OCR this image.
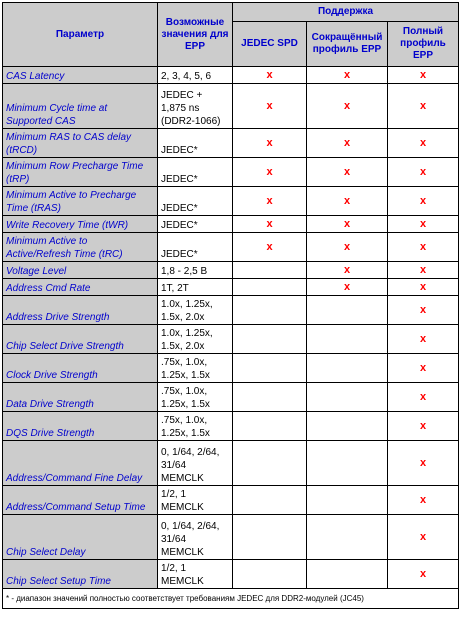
Параметр	Возможные значения для EPP	Поддержка		
		JEDEC SPD	Сокращённый профиль EPP	Полный профиль EPP
CAS Latency	2, 3, 4, 5, 6	x	x	x
Minimum Cycle time at Supported CAS	JEDEC + 1,875 ns (DDR2-1066)	x	x	x
Minimum RAS to CAS delay (tRCD)	JEDEC*	x	x	x
Minimum Row Precharge Time (tRP)	JEDEC*	x	x	x
Minimum Active to Precharge Time (tRAS)	JEDEC*	x	x	x
Write Recovery Time (tWR)	JEDEC*	x	x	x
Minimum Active to Active/Refresh Time (tRC)	JEDEC*	x	x	x
Voltage Level	1,8 - 2,5 В		x	x
Address Cmd Rate	1T, 2T		x	x
Address Drive Strength	1.0x, 1.25x, 1.5x, 2.0x			x
Chip Select Drive Strength	1.0x, 1.25x, 1.5x, 2.0x			x
Clock Drive Strength	.75x, 1.0x, 1.25x, 1.5x			x
Data Drive Strength	.75x, 1.0x, 1.25x, 1.5x			x
DQS Drive Strength	.75x, 1.0x, 1.25x, 1.5x			x
Address/Command Fine Delay	0, 1/64, 2/64, 31/64 MEMCLK			x
Address/Command Setup Time	1/2, 1 MEMCLK			x
Chip Select Delay	0, 1/64, 2/64, 31/64 MEMCLK			x
Chip Select Setup Time	1/2, 1 MEMCLK			x
* - диапазон значений полностью соответствует требованиям JEDEC для DDR2-модулей (JC45)				
